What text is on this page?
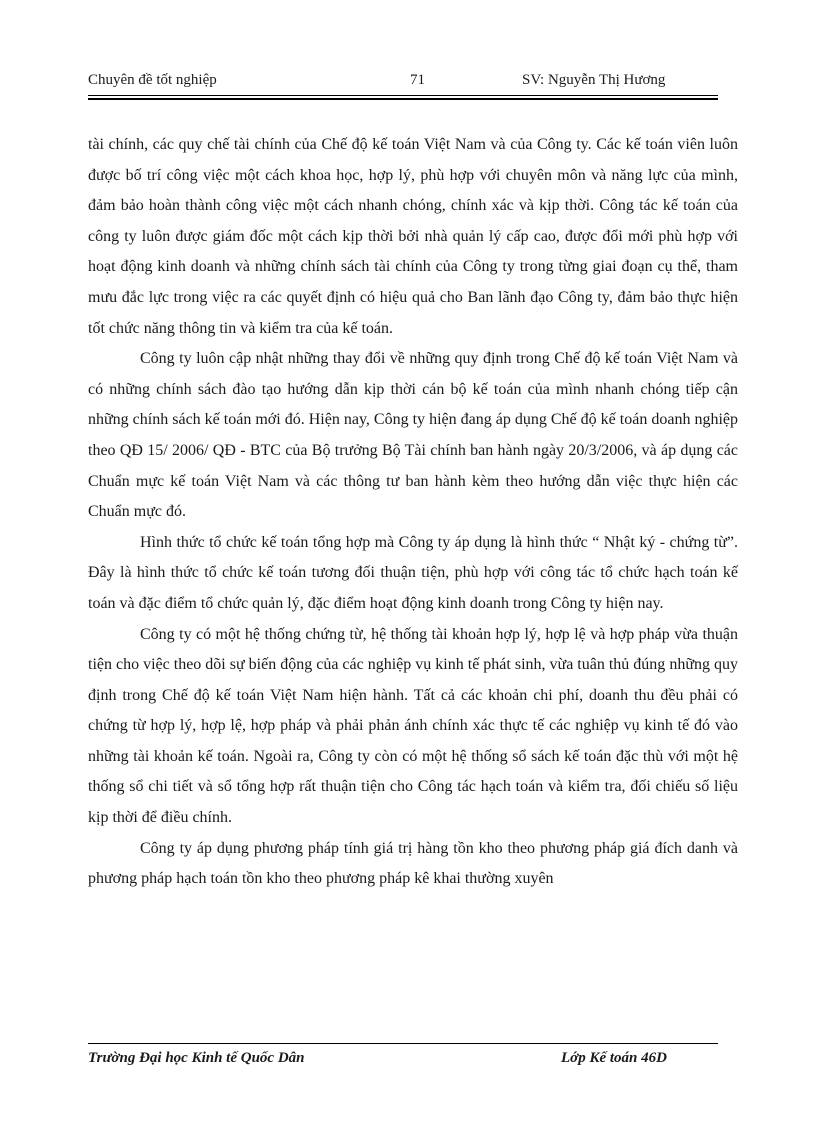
Chuyên đề tốt nghiệp	71	SV: Nguyễn Thị Hương

tài chính, các quy chế tài chính của Chế độ kế toán Việt Nam và của Công ty. Các kế toán viên luôn được bố trí công việc một cách khoa học, hợp lý, phù hợp với chuyên môn và năng lực của mình, đảm bảo hoàn thành công việc một cách nhanh chóng, chính xác và kịp thời. Công tác kế toán của công ty luôn được giám đốc một cách kịp thời bởi nhà quản lý cấp cao, được đổi mới phù hợp với hoạt động kinh doanh và những chính sách tài chính của Công ty trong từng giai đoạn cụ thể, tham mưu đắc lực trong việc ra các quyết định có hiệu quả cho Ban lãnh đạo Công ty, đảm bảo thực hiện tốt chức năng thông tin và kiểm tra của kế toán.

Công ty luôn cập nhật những thay đổi về những quy định trong Chế độ kế toán Việt Nam và có những chính sách đào tạo hướng dẫn kịp thời cán bộ kế toán của mình nhanh chóng tiếp cận những chính sách kế toán mới đó. Hiện nay, Công ty hiện đang áp dụng Chế độ kế toán doanh nghiệp theo QĐ 15/ 2006/ QĐ - BTC của Bộ trưởng Bộ Tài chính ban hành ngày 20/3/2006, và áp dụng các Chuẩn mực kế toán Việt Nam và các thông tư ban hành kèm theo hướng dẫn việc thực hiện các Chuẩn mực đó.

Hình thức tổ chức kế toán tổng hợp mà Công ty áp dụng là hình thức “ Nhật ký - chứng từ”. Đây là hình thức tổ chức kế toán tương đối thuận tiện, phù hợp với công tác tổ chức hạch toán kế toán và đặc điểm tổ chức quản lý, đặc điểm hoạt động kinh doanh trong Công ty hiện nay.

Công ty có một hệ thống chứng từ, hệ thống tài khoản hợp lý, hợp lệ và hợp pháp vừa thuận tiện cho việc theo dõi sự biến động của các nghiệp vụ kinh tế phát sinh, vừa tuân thủ đúng những quy định trong Chế độ kế toán Việt Nam hiện hành. Tất cả các khoản chi phí, doanh thu đều phải có chứng từ hợp lý, hợp lệ, hợp pháp và phải phản ánh chính xác thực tế các nghiệp vụ kinh tế đó vào những tài khoản kế toán. Ngoài ra, Công ty còn có một hệ thống sổ sách kế toán đặc thù với một hệ thống sổ chi tiết và sổ tổng hợp rất thuận tiện cho Công tác hạch toán và kiểm tra, đối chiếu số liệu kịp thời để điều chính.

Công ty áp dụng phương pháp tính giá trị hàng tồn kho theo phương pháp giá đích danh và phương pháp hạch toán tồn kho theo phương pháp kê khai thường xuyên

Trường Đại học Kinh tế Quốc Dân	Lớp Kế toán 46D
